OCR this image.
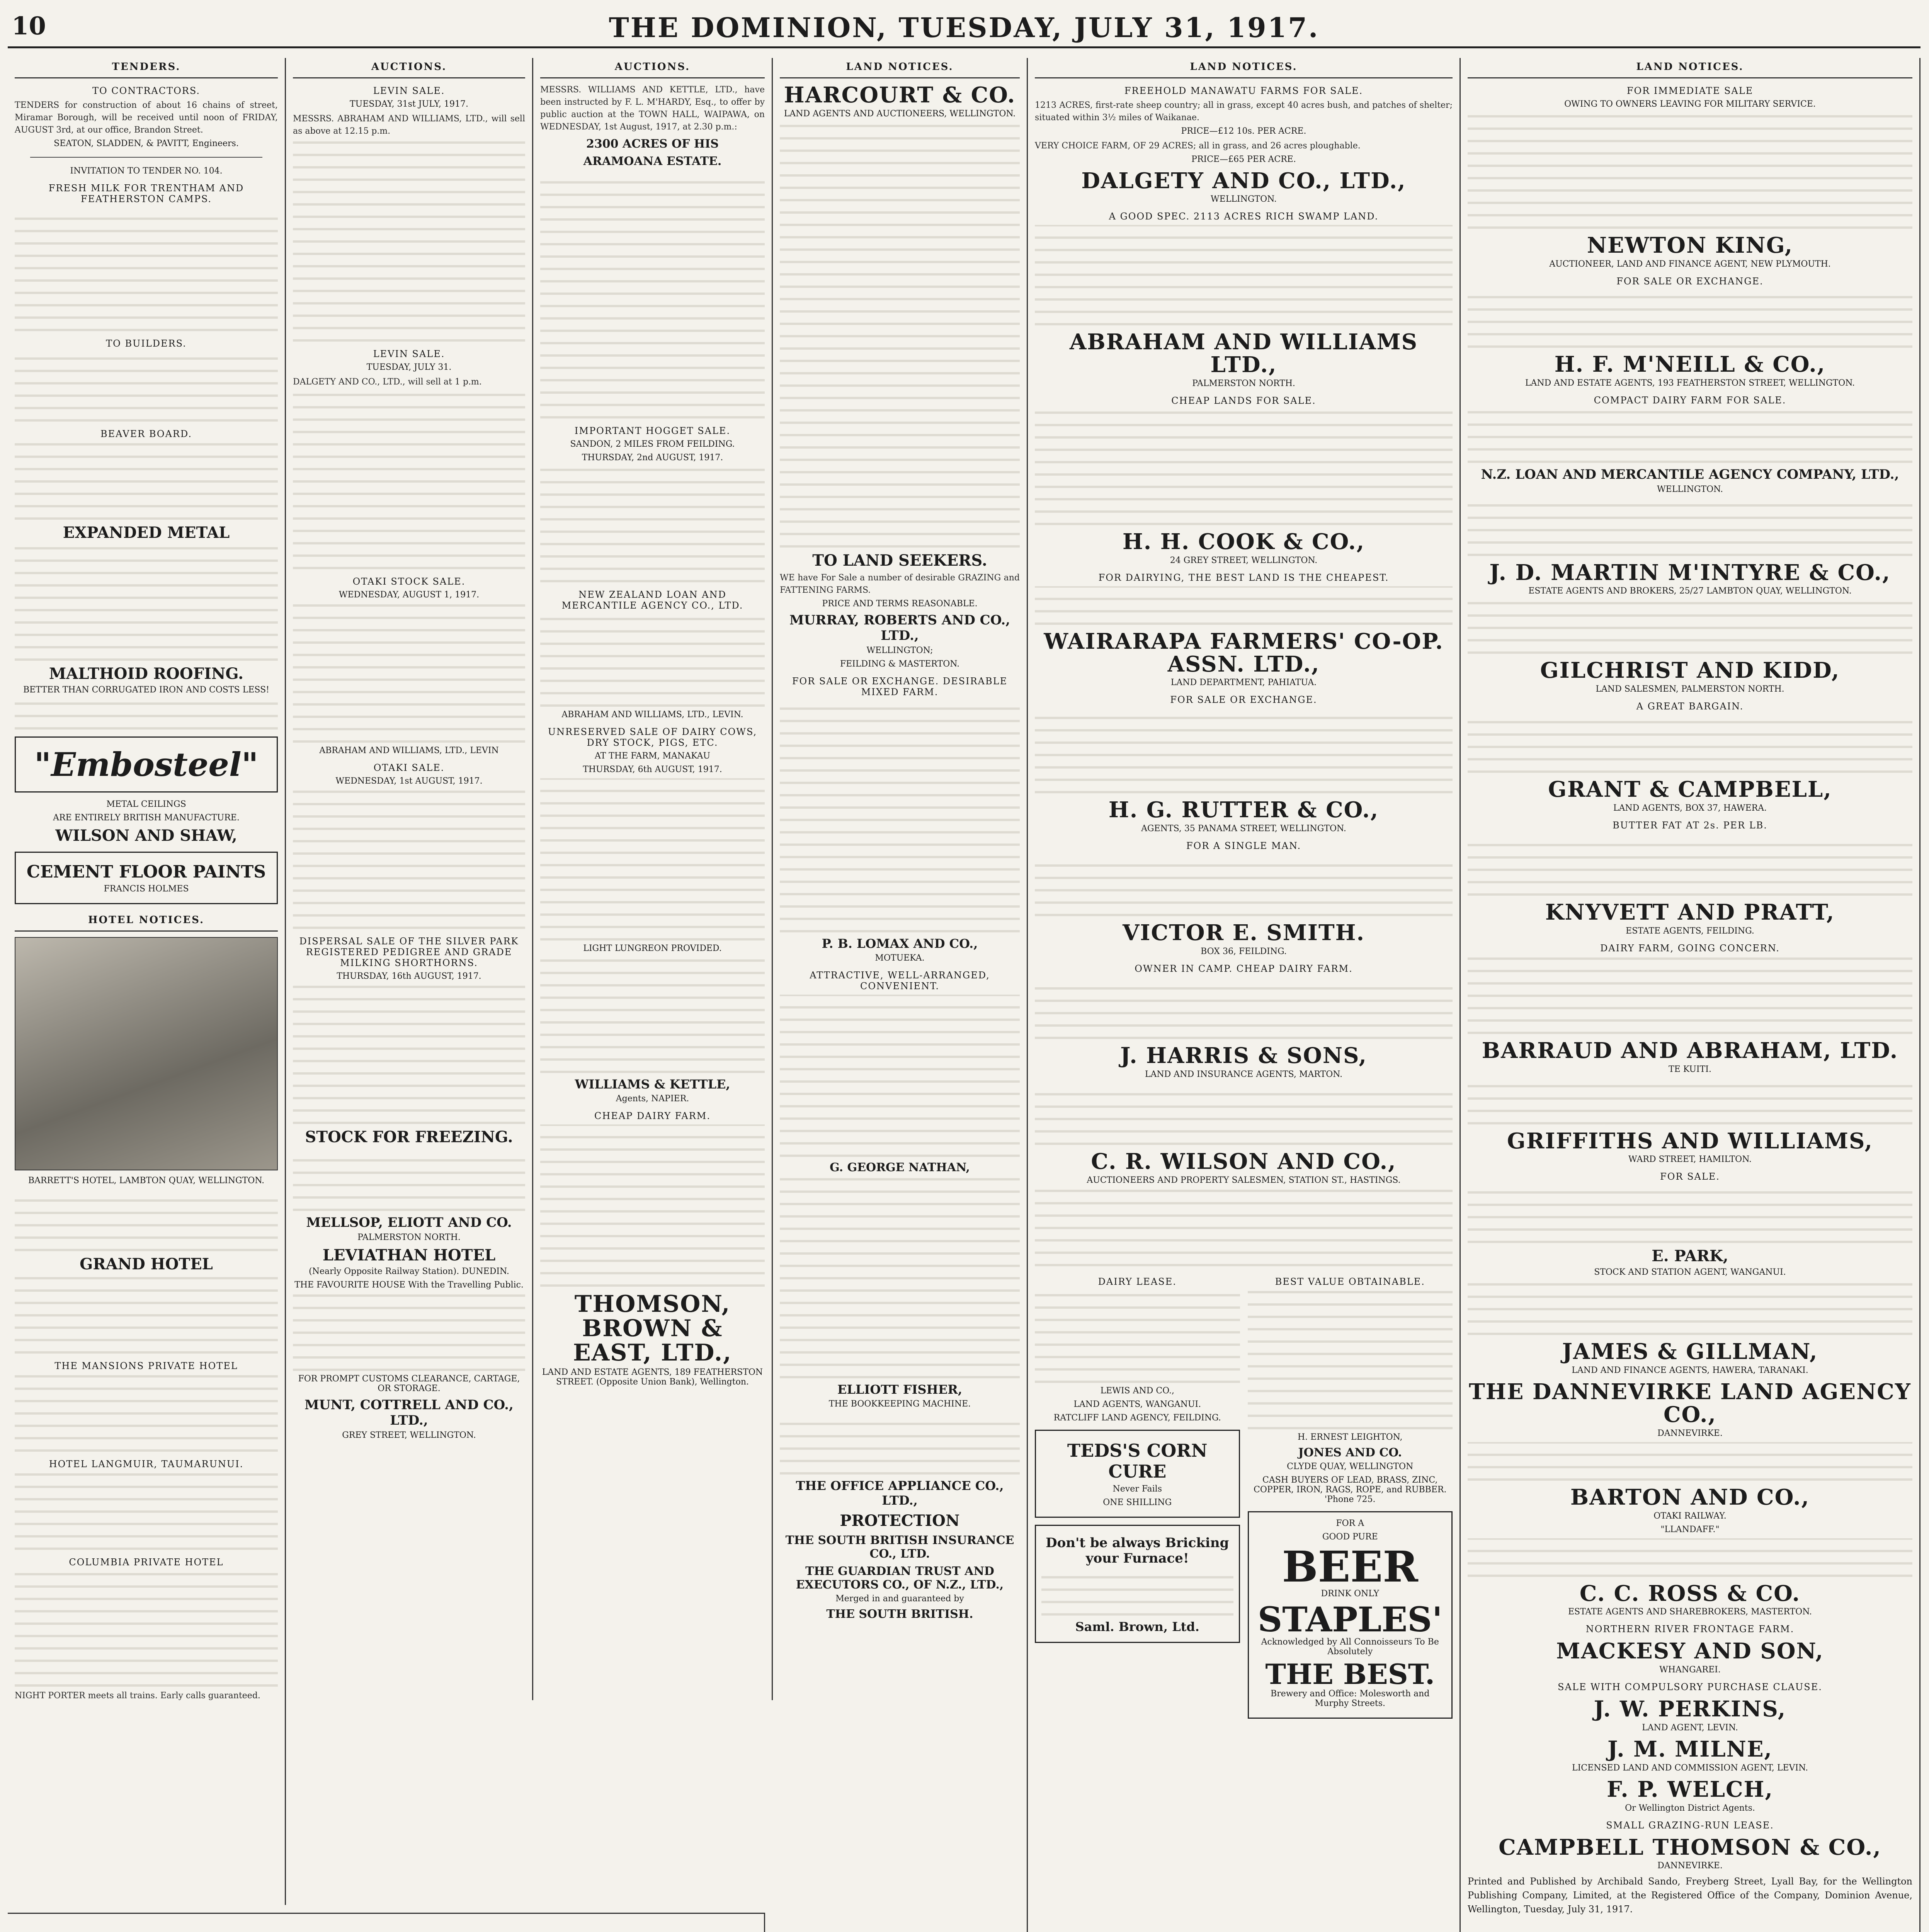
10	THE DOMINION, TUESDAY, JULY 31, 1917.
TENDERS.
TO CONTRACTORS.
TENDERS for construction of about 16 chains of street, Miramar Borough, will be received until noon of FRIDAY, AUGUST 3rd, at our office, Brandon Street.
SEATON, SLADDEN, & PAVITT, Engineers.
INVITATION TO TENDER NO. 104.
FRESH MILK FOR TRENTHAM AND FEATHERSTON CAMPS.
TO BUILDERS.
BEAVER BOARD.
EXPANDED METAL
MALTHOID ROOFING.
BETTER THAN CORRUGATED IRON AND COSTS LESS!
"Embosteel"
METAL CEILINGS
ARE ENTIRELY BRITISH MANUFACTURE.
WILSON AND SHAW,
CEMENT FLOOR PAINTS
FRANCIS HOLMES
HOTEL NOTICES.
BARRETT'S HOTEL, LAMBTON QUAY, WELLINGTON.
GRAND HOTEL
THE MANSIONS PRIVATE HOTEL
HOTEL LANGMUIR, TAUMARUNUI.
COLUMBIA PRIVATE HOTEL
NIGHT PORTER meets all trains. Early calls guaranteed.
AUCTIONS.
LEVIN SALE.
TUESDAY, 31st JULY, 1917.
MESSRS. ABRAHAM AND WILLIAMS, LTD., will sell as above at 12.15 p.m.
LEVIN SALE.
TUESDAY, JULY 31.
DALGETY AND CO., LTD., will sell at 1 p.m.
OTAKI STOCK SALE.
WEDNESDAY, AUGUST 1, 1917.
ABRAHAM AND WILLIAMS, LTD., LEVIN
OTAKI SALE.
WEDNESDAY, 1st AUGUST, 1917.
DISPERSAL SALE OF THE SILVER PARK REGISTERED PEDIGREE AND GRADE MILKING SHORTHORNS.
THURSDAY, 16th AUGUST, 1917.
STOCK FOR FREEZING.
MELLSOP, ELIOTT AND CO.
PALMERSTON NORTH.
LEVIATHAN HOTEL
(Nearly Opposite Railway Station). DUNEDIN.
THE FAVOURITE HOUSE With the Travelling Public.
FOR PROMPT CUSTOMS CLEARANCE, CARTAGE, OR STORAGE.
MUNT, COTTRELL AND CO., LTD.,
GREY STREET, WELLINGTON.
AUCTIONS.
MESSRS. WILLIAMS AND KETTLE, LTD., have been instructed by F. L. M'HARDY, Esq., to offer by public auction at the TOWN HALL, WAIPAWA, on WEDNESDAY, 1st August, 1917, at 2.30 p.m.:
2300 ACRES OF HIS
ARAMOANA ESTATE.
IMPORTANT HOGGET SALE.
SANDON, 2 MILES FROM FEILDING.
THURSDAY, 2nd AUGUST, 1917.
NEW ZEALAND LOAN AND MERCANTILE AGENCY CO., LTD.
ABRAHAM AND WILLIAMS, LTD., LEVIN.
UNRESERVED SALE OF DAIRY COWS, DRY STOCK, PIGS, ETC.
AT THE FARM, MANAKAU
THURSDAY, 6th AUGUST, 1917.
LIGHT LUNGREON PROVIDED.
WILLIAMS & KETTLE,
Agents, NAPIER.
CHEAP DAIRY FARM.
THOMSON, BROWN & EAST, LTD.,
LAND AND ESTATE AGENTS, 189 FEATHERSTON STREET. (Opposite Union Bank), Wellington.
LAND NOTICES.
HARCOURT & CO.
LAND AGENTS AND AUCTIONEERS, WELLINGTON.
TO LAND SEEKERS.
WE have For Sale a number of desirable GRAZING and FATTENING FARMS.
PRICE AND TERMS REASONABLE.
MURRAY, ROBERTS AND CO., LTD.,
WELLINGTON;
FEILDING & MASTERTON.
FOR SALE OR EXCHANGE. DESIRABLE MIXED FARM.
P. B. LOMAX AND CO.,
MOTUEKA.
ATTRACTIVE, WELL-ARRANGED, CONVENIENT.
G. GEORGE NATHAN,
ELLIOTT FISHER,
THE BOOKKEEPING MACHINE.
THE OFFICE APPLIANCE CO., LTD.,
PROTECTION
THE SOUTH BRITISH INSURANCE CO., LTD.
THE GUARDIAN TRUST AND EXECUTORS CO., OF N.Z., LTD.,
Merged in and guaranteed by
THE SOUTH BRITISH.
LAND NOTICES.
FREEHOLD MANAWATU FARMS FOR SALE.
1213 ACRES, first-rate sheep country; all in grass, except 40 acres bush, and patches of shelter; situated within 3½ miles of Waikanae.
PRICE—£12 10s. PER ACRE.
VERY CHOICE FARM, OF 29 ACRES; all in grass, and 26 acres ploughable.
PRICE—£65 PER ACRE.
DALGETY AND CO., LTD.,
WELLINGTON.
A GOOD SPEC. 2113 ACRES RICH SWAMP LAND.
ABRAHAM AND WILLIAMS LTD.,
PALMERSTON NORTH.
CHEAP LANDS FOR SALE.
H. H. COOK & CO.,
24 GREY STREET, WELLINGTON.
FOR DAIRYING, THE BEST LAND IS THE CHEAPEST.
WAIRARAPA FARMERS' CO-OP. ASSN. LTD.,
LAND DEPARTMENT, PAHIATUA.
FOR SALE OR EXCHANGE.
H. G. RUTTER & CO.,
AGENTS, 35 PANAMA STREET, WELLINGTON.
FOR A SINGLE MAN.
VICTOR E. SMITH.
BOX 36, FEILDING.
OWNER IN CAMP. CHEAP DAIRY FARM.
J. HARRIS & SONS,
LAND AND INSURANCE AGENTS, MARTON.
C. R. WILSON AND CO.,
AUCTIONEERS AND PROPERTY SALESMEN, STATION ST., HASTINGS.
DAIRY LEASE.
LEWIS AND CO.,
LAND AGENTS, WANGANUI.
RATCLIFF LAND AGENCY, FEILDING.
TEDS'S CORN CURE
Never Fails
ONE SHILLING
Don't be always Bricking your Furnace!
Saml. Brown, Ltd.
BEST VALUE OBTAINABLE.
H. ERNEST LEIGHTON,
JONES AND CO.
CLYDE QUAY, WELLINGTON
CASH BUYERS OF LEAD, BRASS, ZINC, COPPER, IRON, RAGS, ROPE, and RUBBER. 'Phone 725.
FOR A
GOOD PURE
BEER
DRINK ONLY
STAPLES'
Acknowledged by All Connoisseurs To Be Absolutely
THE BEST.
Brewery and Office: Molesworth and Murphy Streets.
LAND NOTICES.
FOR IMMEDIATE SALE
OWING TO OWNERS LEAVING FOR MILITARY SERVICE.
NEWTON KING,
AUCTIONEER, LAND AND FINANCE AGENT, NEW PLYMOUTH.
FOR SALE OR EXCHANGE.
H. F. M'NEILL & CO.,
LAND AND ESTATE AGENTS, 193 FEATHERSTON STREET, WELLINGTON.
COMPACT DAIRY FARM FOR SALE.
N.Z. LOAN AND MERCANTILE AGENCY COMPANY, LTD.,
WELLINGTON.
J. D. MARTIN M'INTYRE & CO.,
ESTATE AGENTS AND BROKERS, 25/27 LAMBTON QUAY, WELLINGTON.
GILCHRIST AND KIDD,
LAND SALESMEN, PALMERSTON NORTH.
A GREAT BARGAIN.
GRANT & CAMPBELL,
LAND AGENTS, BOX 37, HAWERA.
BUTTER FAT AT 2s. PER LB.
KNYVETT AND PRATT,
ESTATE AGENTS, FEILDING.
DAIRY FARM, GOING CONCERN.
BARRAUD AND ABRAHAM, LTD.
TE KUITI.
GRIFFITHS AND WILLIAMS,
WARD STREET, HAMILTON.
FOR SALE.
E. PARK,
STOCK AND STATION AGENT, WANGANUI.
JAMES & GILLMAN,
LAND AND FINANCE AGENTS, HAWERA, TARANAKI.
THE DANNEVIRKE LAND AGENCY CO.,
DANNEVIRKE.
BARTON AND CO.,
OTAKI RAILWAY.
"LLANDAFF."
C. C. ROSS & CO.
ESTATE AGENTS AND SHAREBROKERS, MASTERTON.
NORTHERN RIVER FRONTAGE FARM.
MACKESY AND SON,
WHANGAREI.
SALE WITH COMPULSORY PURCHASE CLAUSE.
J. W. PERKINS,
LAND AGENT, LEVIN.
J. M. MILNE,
LICENSED LAND AND COMMISSION AGENT, LEVIN.
F. P. WELCH,
Or Wellington District Agents.
SMALL GRAZING-RUN LEASE.
CAMPBELL THOMSON & CO.,
DANNEVIRKE.
Printed and Published by Archibald Sando, Freyberg Street, Lyall Bay, for the Wellington Publishing Company, Limited, at the Registered Office of the Company, Dominion Avenue, Wellington, Tuesday, July 31, 1917.
